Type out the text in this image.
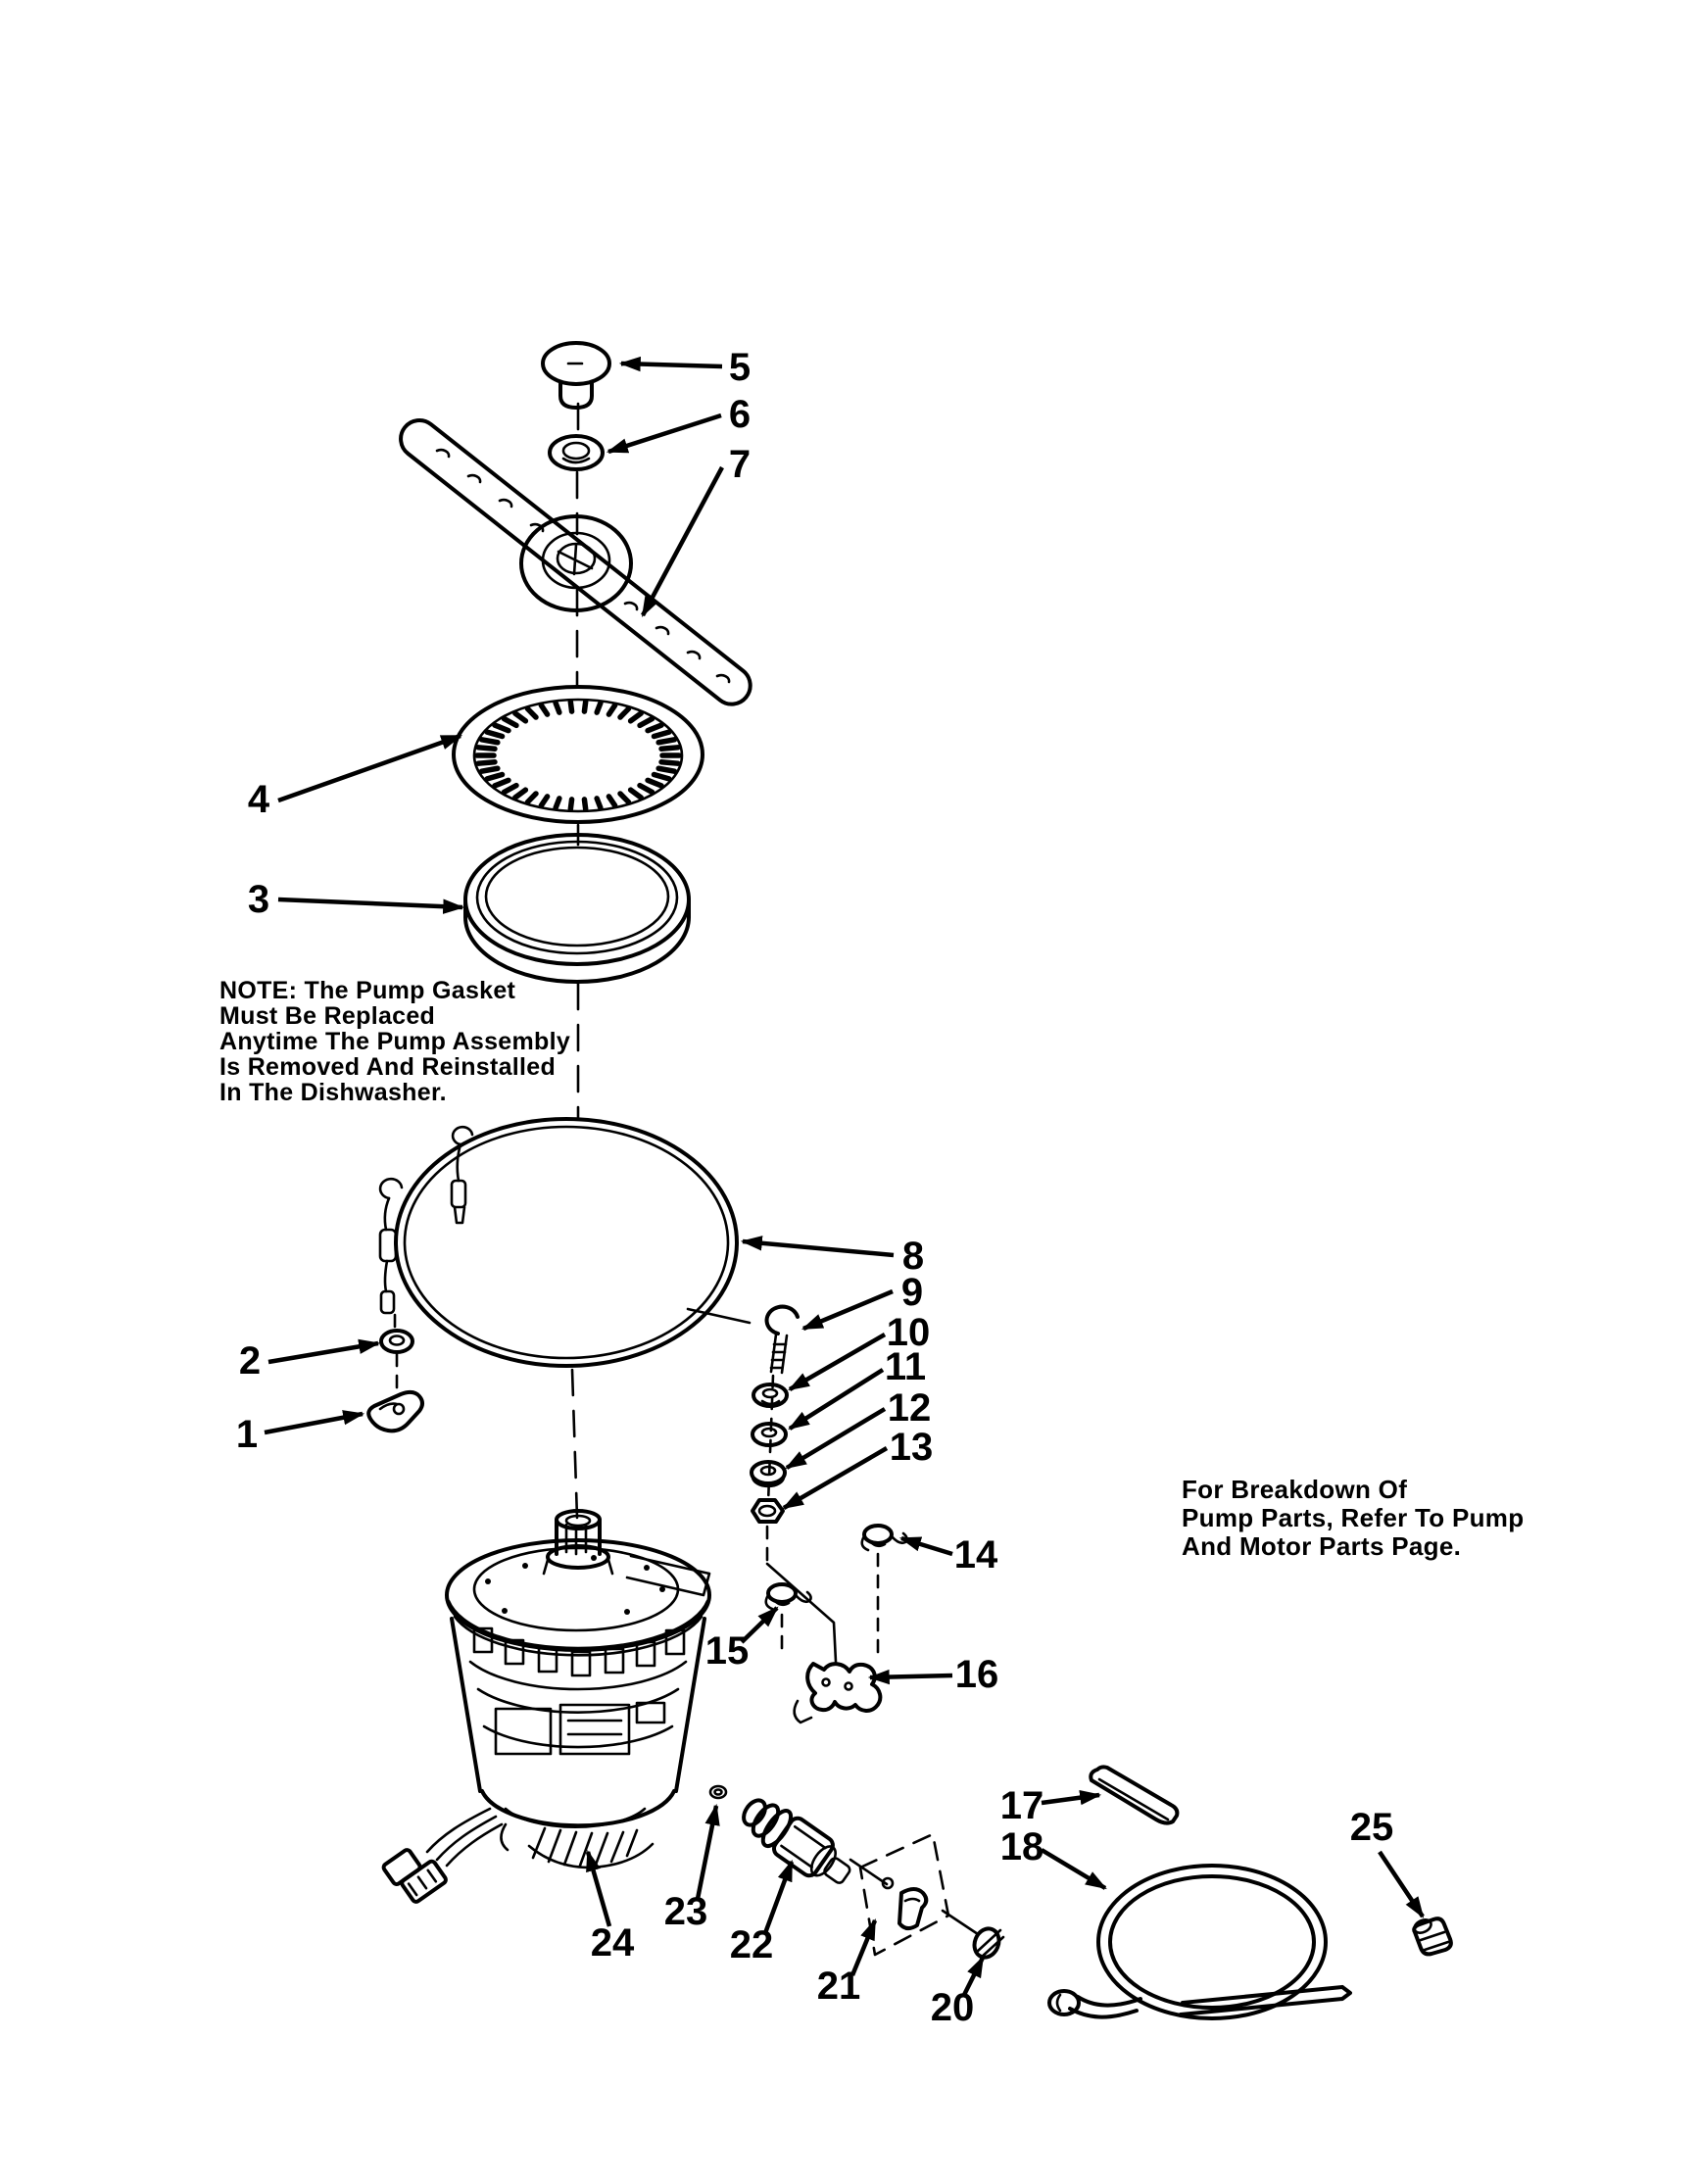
1
2
3
4
5
6
7
8
9
10
11
12
13
14
15
16
17
18
20
21
22
23
24
25
NOTE: The Pump Gasket
Must Be Replaced
Anytime The Pump Assembly
Is Removed And Reinstalled
In The Dishwasher.
For Breakdown Of
Pump Parts, Refer To Pump
And Motor Parts Page.
